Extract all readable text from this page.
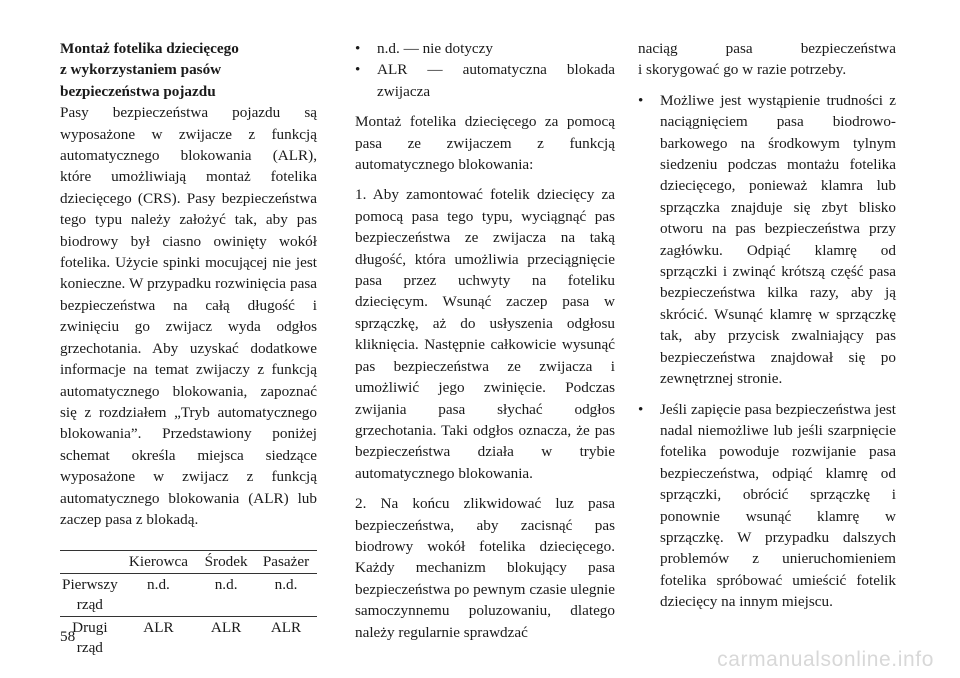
Montaż fotelika dziecięcego
z wykorzystaniem pasów
bezpieczeństwa pojazdu

Pasy bezpieczeństwa pojazdu są wyposażone w zwijacze z funkcją automatycznego blokowania (ALR), które umożliwiają montaż fotelika dziecięcego (CRS). Pasy bezpieczeństwa tego typu należy założyć tak, aby pas biodrowy był ciasno owinięty wokół fotelika. Użycie spinki mocującej nie jest konieczne. W przypadku rozwinięcia pasa bezpieczeństwa na całą długość i zwinięciu go zwijacz wyda odgłos grzechotania. Aby uzyskać dodatkowe informacje na temat zwijaczy z funkcją automatycznego blokowania, zapoznać się z rozdziałem „Tryb automatycznego blokowania”. Przedstawiony poniżej schemat określa miejsca siedzące wyposażone w zwijacz z funkcją automatycznego blokowania (ALR) lub zaczep pasa z blokadą.

	Kierowca	Środek	Pasażer
Pierwszy rząd	n.d.	n.d.	n.d.
Drugi rząd	ALR	ALR	ALR

• n.d. — nie dotyczy

• ALR — automatyczna blokada zwijacza

Montaż fotelika dziecięcego za pomocą pasa ze zwijaczem z funkcją automatycznego blokowania:

1. Aby zamontować fotelik dziecięcy za pomocą pasa tego typu, wyciągnąć pas bezpieczeństwa ze zwijacza na taką długość, która umożliwia przeciągnięcie pasa przez uchwyty na foteliku dziecięcym. Wsunąć zaczep pasa w sprzączkę, aż do usłyszenia odgłosu kliknięcia. Następnie całkowicie wysunąć pas bezpieczeństwa ze zwijacza i umożliwić jego zwinięcie. Podczas zwijania pasa słychać odgłos grzechotania. Taki odgłos oznacza, że pas bezpieczeństwa działa w trybie automatycznego blokowania.

2. Na końcu zlikwidować luz pasa bezpieczeństwa, aby zacisnąć pas biodrowy wokół fotelika dziecięcego. Każdy mechanizm blokujący pasa bezpieczeństwa po pewnym czasie ulegnie samoczynnemu poluzowaniu, dlatego należy regularnie sprawdzać

naciąg pasa bezpieczeństwa

i skorygować go w razie potrzeby.

• Możliwe jest wystąpienie trudności z naciągnięciem pasa biodrowo-barkowego na środkowym tylnym siedzeniu podczas montażu fotelika dziecięcego, ponieważ klamra lub sprzączka znajduje się zbyt blisko otworu na pas bezpieczeństwa przy zagłówku. Odpiąć klamrę od sprzączki i zwinąć krótszą część pasa bezpieczeństwa kilka razy, aby ją skrócić. Wsunąć klamrę w sprzączkę tak, aby przycisk zwalniający pas bezpieczeństwa znajdował się po zewnętrznej stronie.

• Jeśli zapięcie pasa bezpieczeństwa jest nadal niemożliwe lub jeśli szarpnięcie fotelika powoduje rozwijanie pasa bezpieczeństwa, odpiąć klamrę od sprzączki, obrócić sprzączkę i ponownie wsunąć klamrę w sprzączkę. W przypadku dalszych problemów z unieruchomieniem fotelika spróbować umieścić fotelik dziecięcy na innym miejscu.

58
carmanualsonline.info
